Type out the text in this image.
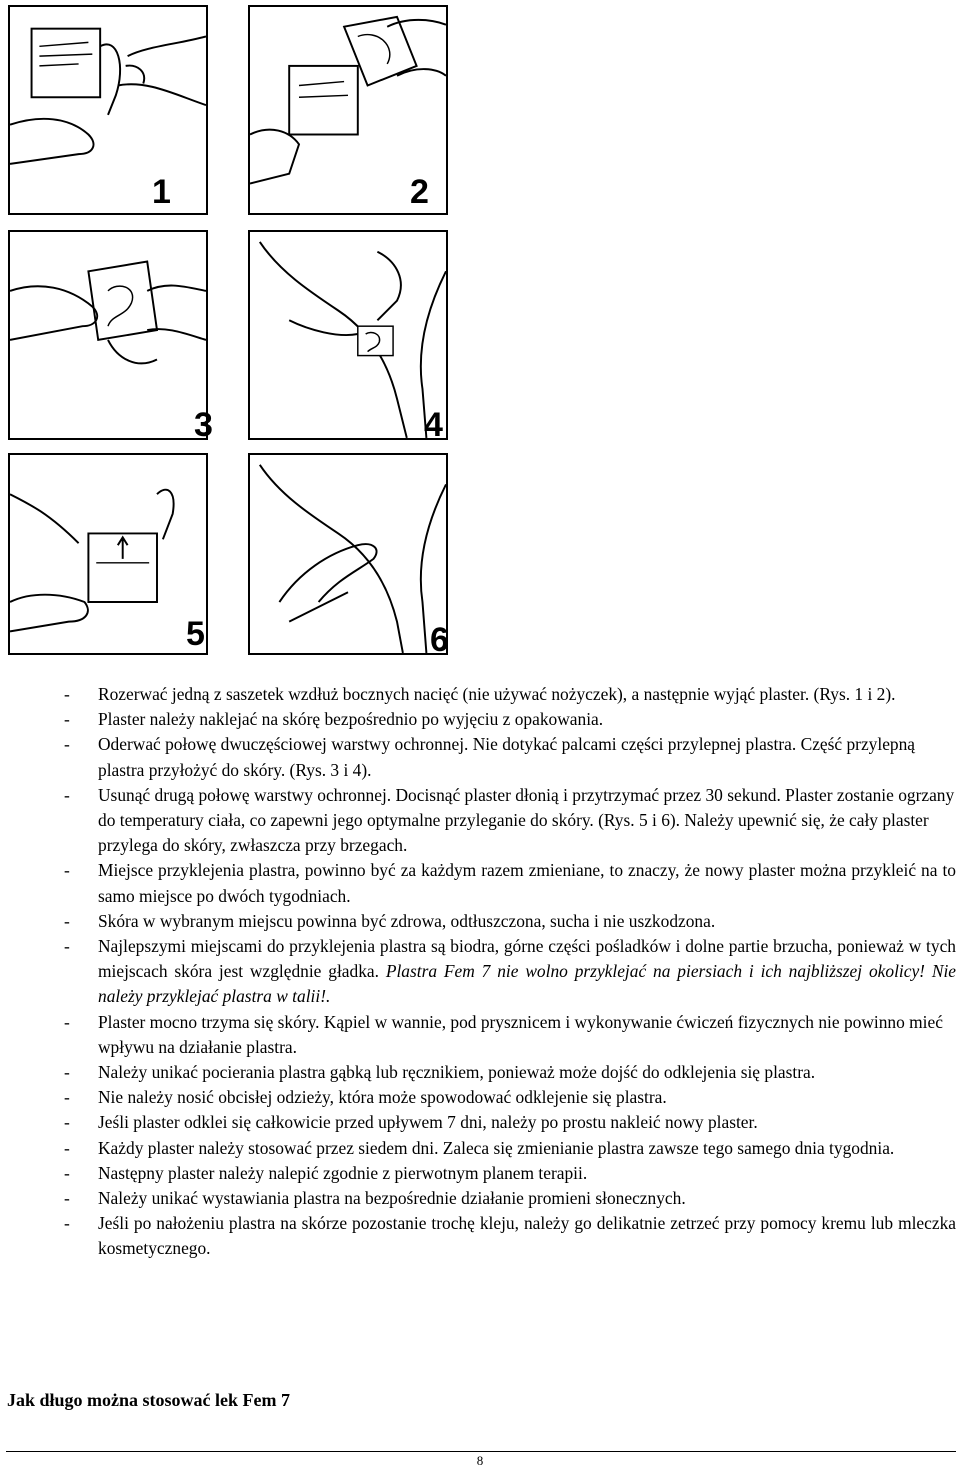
1	2
3	4
5	6
- Rozerwać jedną z saszetek wzdłuż bocznych nacięć (nie używać nożyczek), a następnie wyjąć plaster. (Rys. 1 i 2).
- Plaster należy naklejać na skórę bezpośrednio po wyjęciu z opakowania.
- Oderwać połowę dwuczęściowej warstwy ochronnej. Nie dotykać palcami części przylepnej plastra. Część przylepną plastra przyłożyć do skóry. (Rys. 3 i 4).
- Usunąć drugą połowę warstwy ochronnej. Docisnąć plaster dłonią i przytrzymać przez 30 sekund. Plaster zostanie ogrzany do temperatury ciała, co zapewni jego optymalne przyleganie do skóry. (Rys. 5 i 6). Należy upewnić się, że cały plaster przylega do skóry, zwłaszcza przy brzegach.
- Miejsce przyklejenia plastra, powinno być za każdym razem zmieniane, to znaczy, że nowy plaster można przykleić na to samo miejsce po dwóch tygodniach.
- Skóra w wybranym miejscu powinna być zdrowa, odtłuszczona, sucha i nie uszkodzona.
- Najlepszymi miejscami do przyklejenia plastra są biodra, górne części pośladków i dolne partie brzucha, ponieważ w tych miejscach skóra jest względnie gładka. Plastra Fem 7 nie wolno przyklejać na piersiach i ich najbliższej okolicy! Nie należy przyklejać plastra w talii!.
- Plaster mocno trzyma się skóry. Kąpiel w wannie, pod prysznicem i wykonywanie ćwiczeń fizycznych nie powinno mieć wpływu na działanie plastra.
- Należy unikać pocierania plastra gąbką lub ręcznikiem, ponieważ może dojść do odklejenia się plastra.
- Nie należy nosić obcisłej odzieży, która może spowodować odklejenie się plastra.
- Jeśli plaster odklei się całkowicie przed upływem 7 dni, należy po prostu nakleić nowy plaster.
- Każdy plaster należy stosować przez siedem dni. Zaleca się zmienianie plastra zawsze tego samego dnia tygodnia.
- Następny plaster należy nalepić zgodnie z pierwotnym planem terapii.
- Należy unikać wystawiania plastra na bezpośrednie działanie promieni słonecznych.
- Jeśli po nałożeniu plastra na skórze pozostanie trochę kleju, należy go delikatnie zetrzeć przy pomocy kremu lub mleczka kosmetycznego.
Jak długo można stosować lek Fem 7
8
